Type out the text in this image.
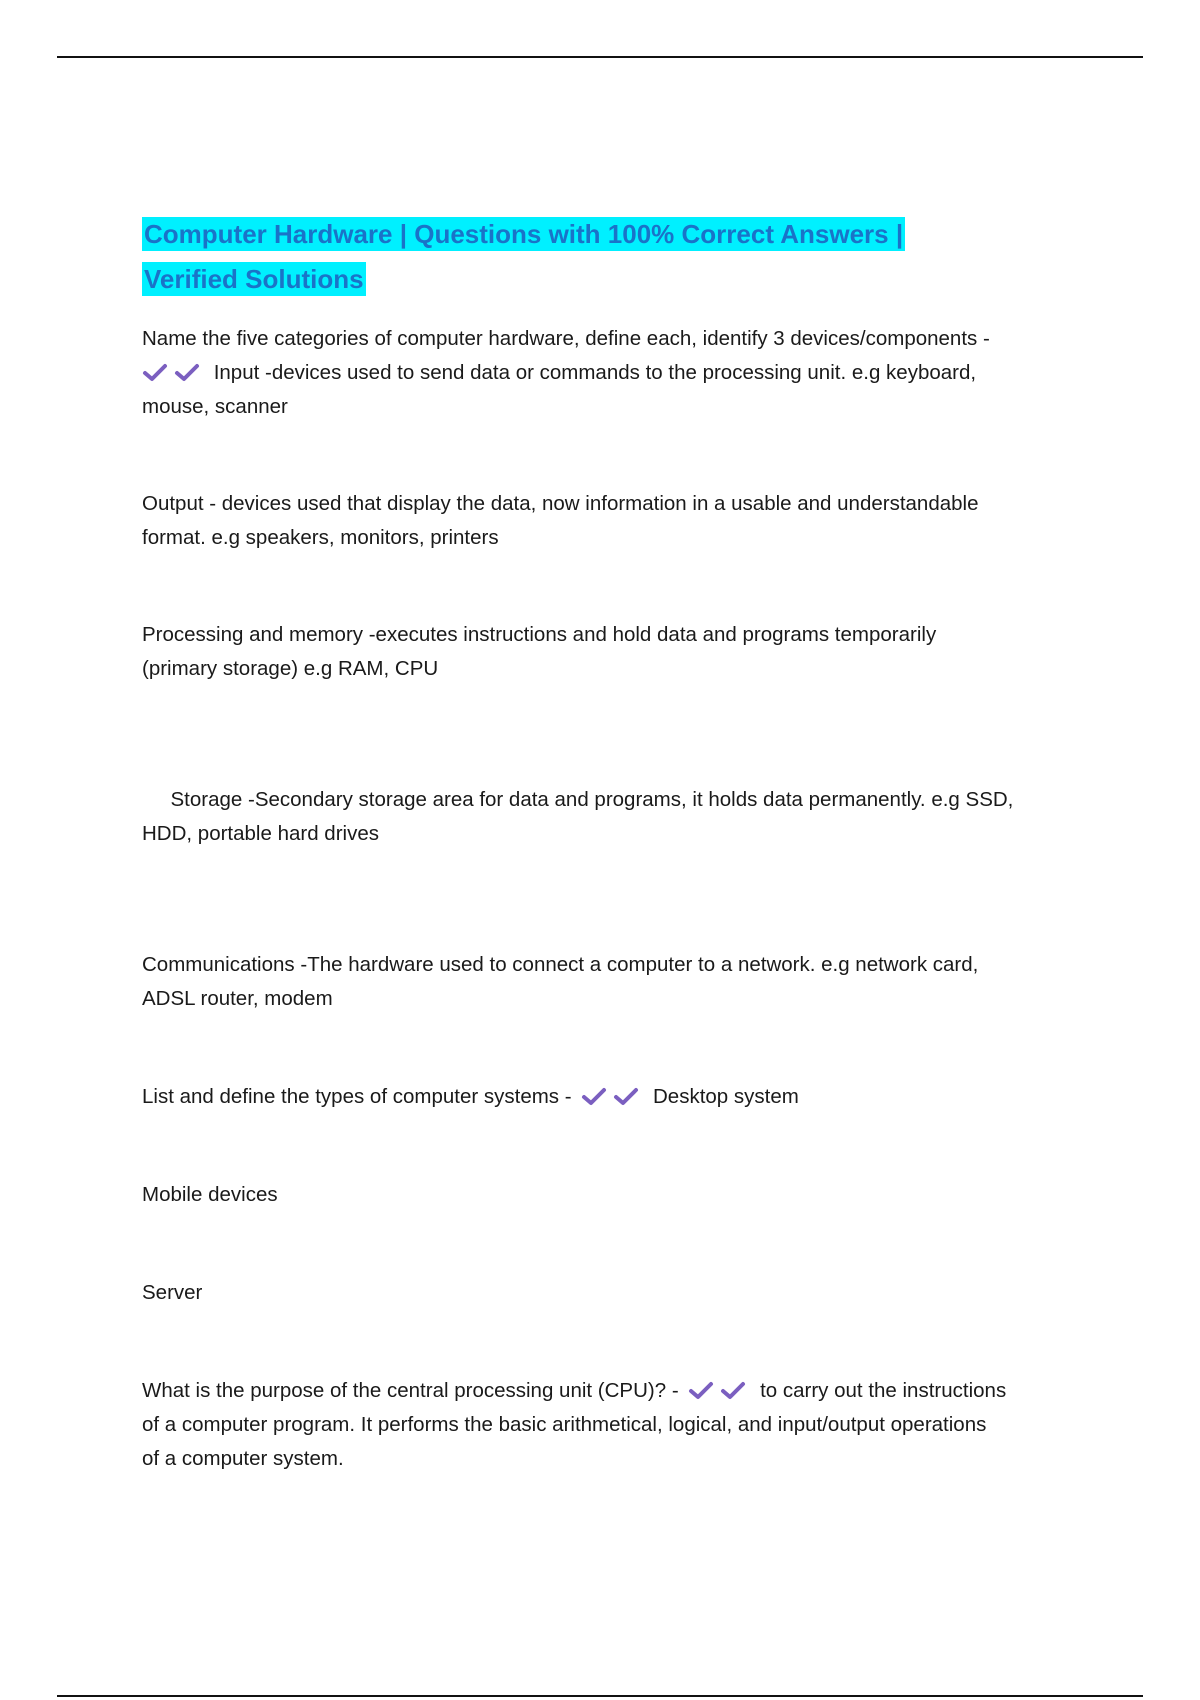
Computer Hardware | Questions with 100% Correct Answers |
Verified Solutions

Name the five categories of computer hardware, define each, identify 3 devices/components -

Input -devices used to send data or commands to the processing unit. e.g keyboard,
mouse, scanner

Output - devices used that display the data, now information in a usable and understandable
format. e.g speakers, monitors, printers

Processing and memory -executes instructions and hold data and programs temporarily
(primary storage) e.g RAM, CPU

Storage -Secondary storage area for data and programs, it holds data permanently. e.g SSD,
HDD, portable hard drives

Communications -The hardware used to connect a computer to a network. e.g network card,
ADSL router, modem

List and define the types of computer systems -	Desktop system

Mobile devices

Server

What is the purpose of the central processing unit (CPU)? -	to carry out the instructions
of a computer program. It performs the basic arithmetical, logical, and input/output operations
of a computer system.
